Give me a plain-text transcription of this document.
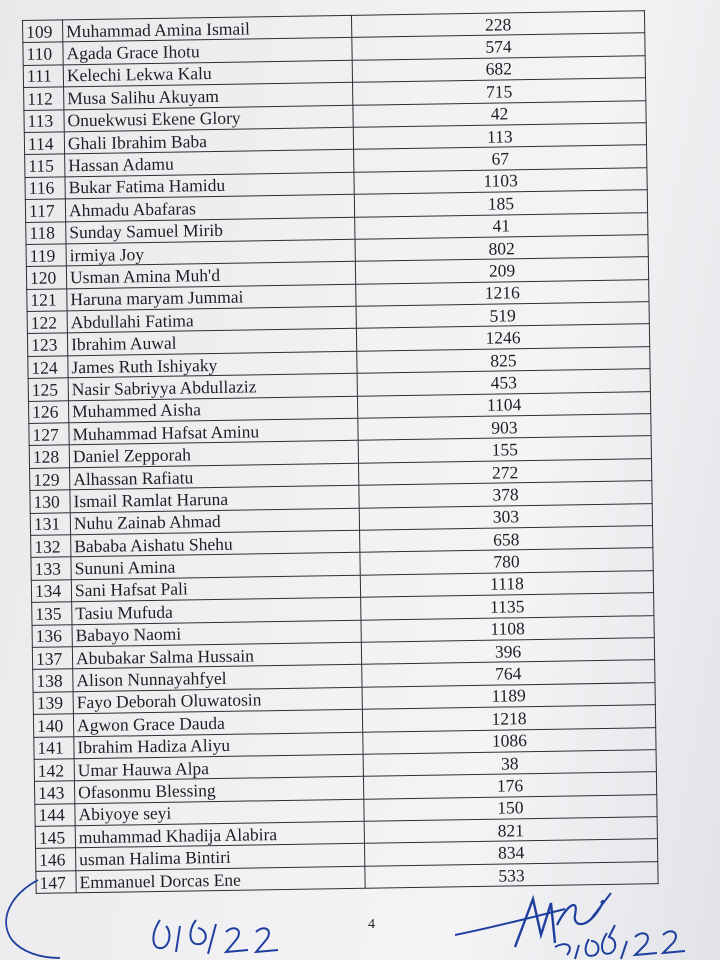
109	Muhammad Amina Ismail	228
110	Agada Grace Ihotu	574
111	Kelechi Lekwa Kalu	682
112	Musa Salihu Akuyam	715
113	Onuekwusi Ekene Glory	42
114	Ghali Ibrahim Baba	113
115	Hassan Adamu	67
116	Bukar Fatima Hamidu	1103
117	Ahmadu Abafaras	185
118	Sunday Samuel Mirib	41
119	irmiya Joy	802
120	Usman Amina Muh'd	209
121	Haruna maryam Jummai	1216
122	Abdullahi Fatima	519
123	Ibrahim Auwal	1246
124	James Ruth Ishiyaky	825
125	Nasir Sabriyya Abdullaziz	453
126	Muhammed Aisha	1104
127	Muhammad Hafsat Aminu	903
128	Daniel Zepporah	155
129	Alhassan Rafiatu	272
130	Ismail Ramlat Haruna	378
131	Nuhu Zainab Ahmad	303
132	Bababa Aishatu Shehu	658
133	Sununi Amina	780
134	Sani Hafsat Pali	1118
135	Tasiu Mufuda	1135
136	Babayo Naomi	1108
137	Abubakar Salma Hussain	396
138	Alison Nunnayahfyel	764
139	Fayo Deborah Oluwatosin	1189
140	Agwon Grace Dauda	1218
141	Ibrahim Hadiza Aliyu	1086
142	Umar Hauwa Alpa	38
143	Ofasonmu Blessing	176
144	Abiyoye seyi	150
145	muhammad Khadija Alabira	821
146	usman Halima Bintiri	834
147	Emmanuel Dorcas Ene	533
4
